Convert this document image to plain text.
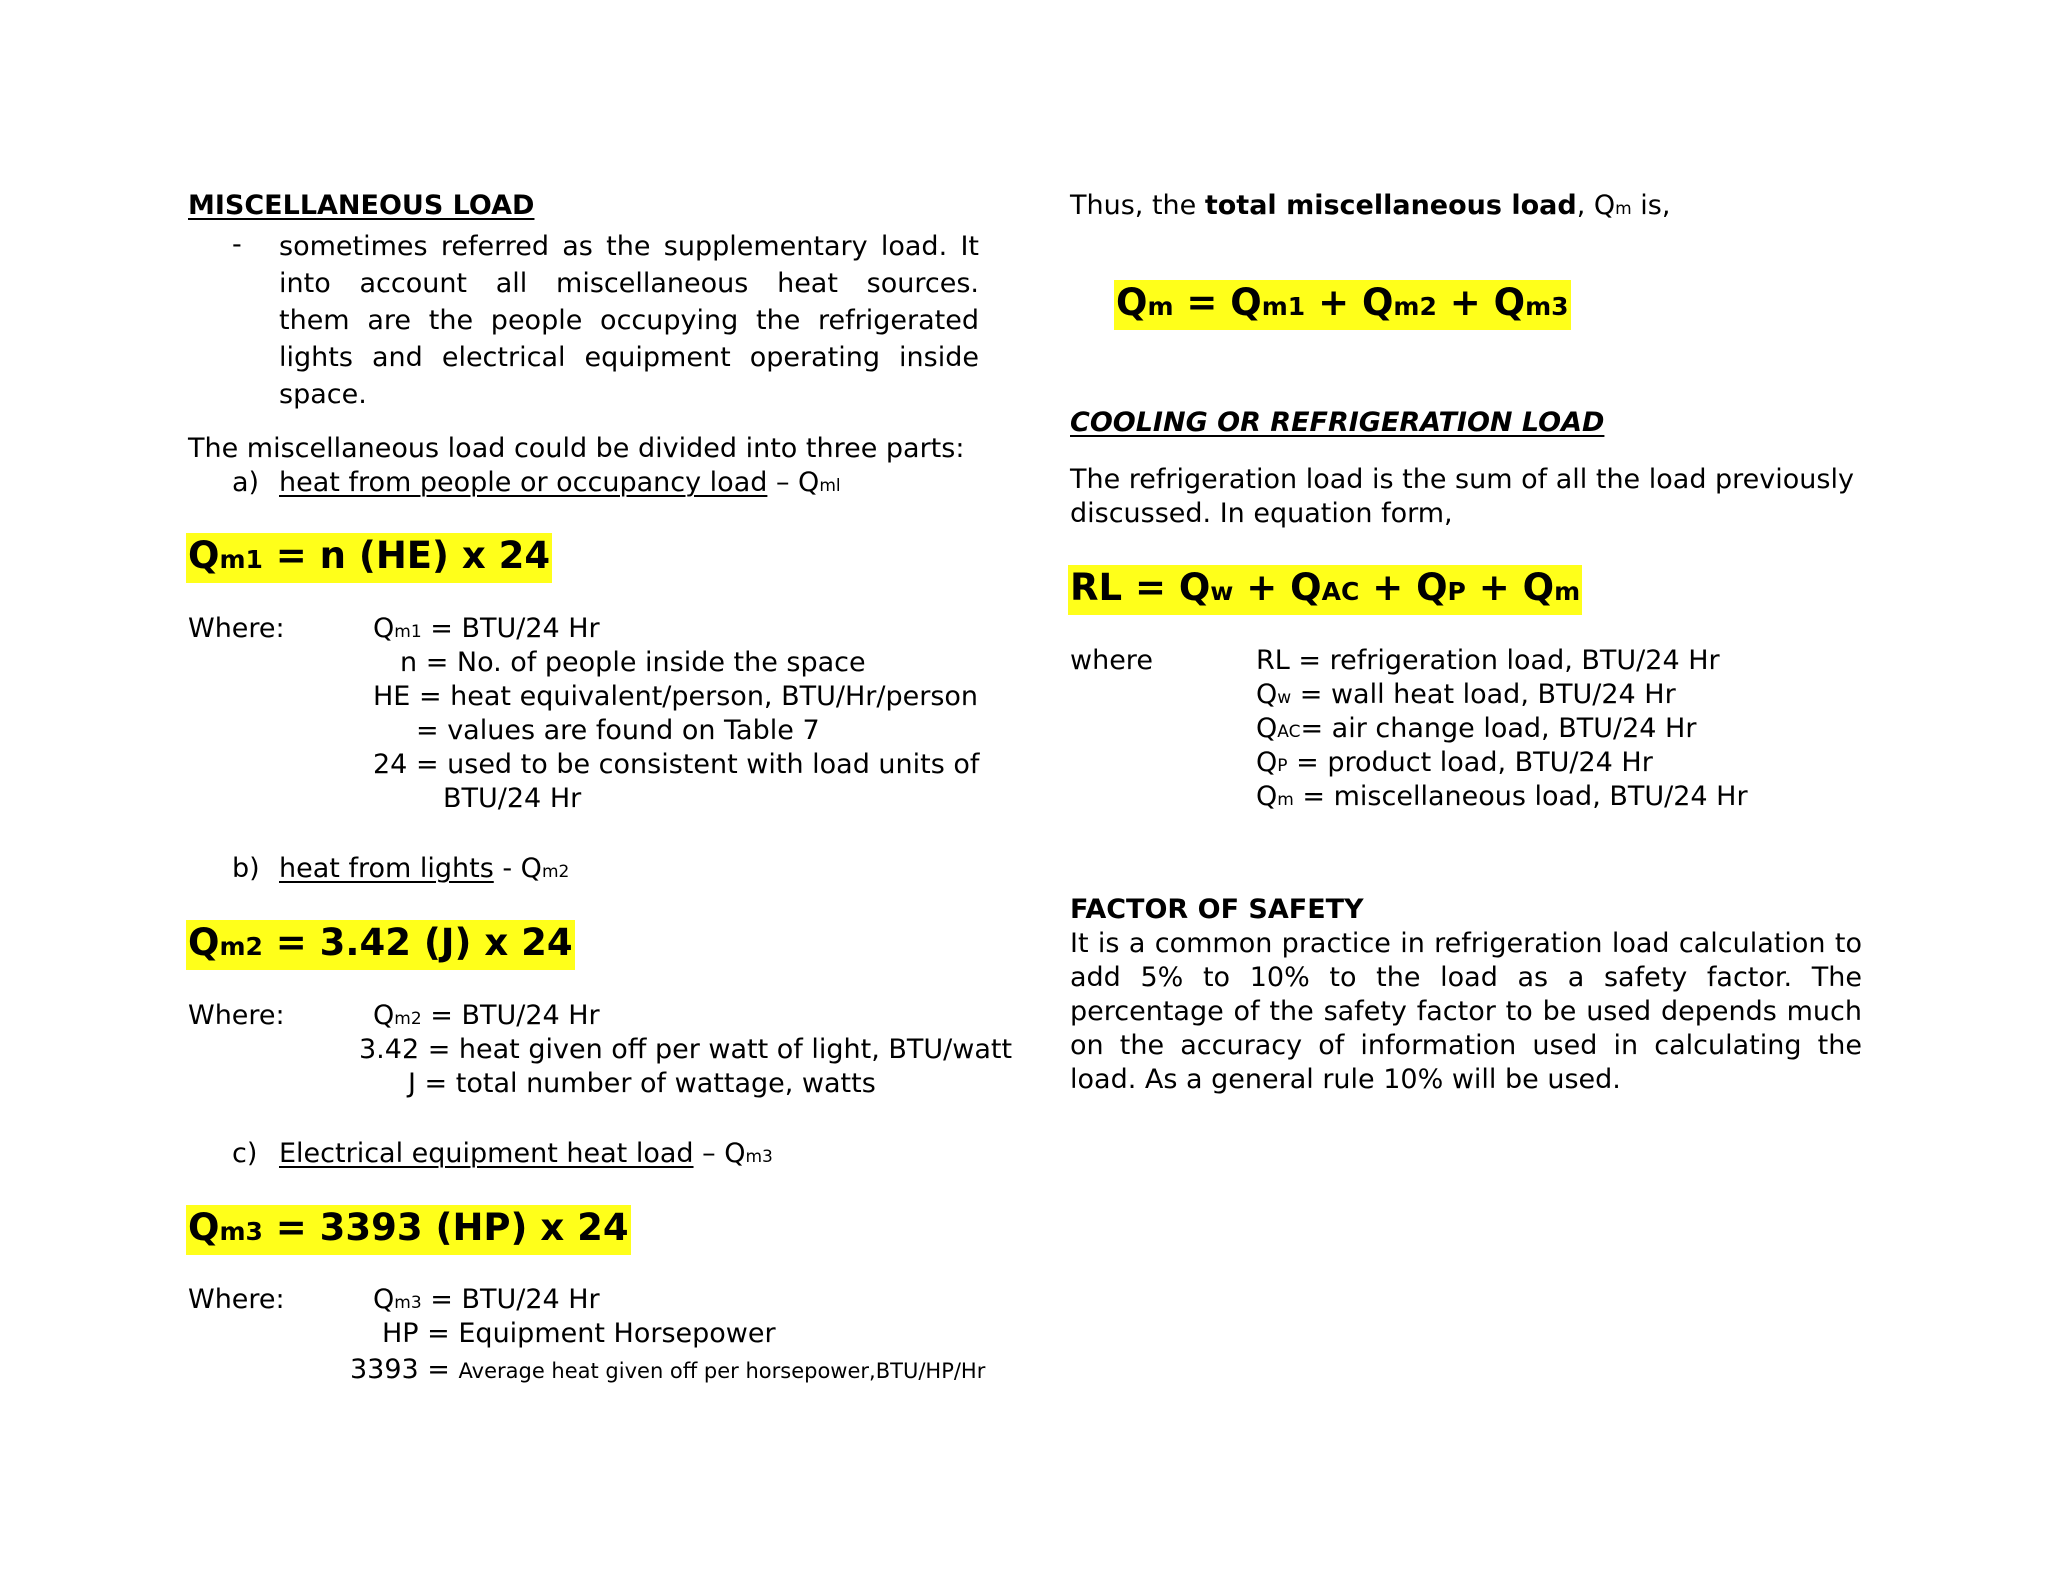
MISCELLANEOUS LOAD
- sometimes referred as the supplementary load. It
into account all miscellaneous heat sources.
them are the people occupying the refrigerated
lights and electrical equipment operating inside
space.
The miscellaneous load could be divided into three parts:
a) heat from people or occupancy load – Qml
Qm1 = n (HE) x 24
Where:	Qm1 = BTU/24 Hr
n = No. of people inside the space
HE = heat equivalent/person, BTU/Hr/person
= values are found on Table 7
24 = used to be consistent with load units of
BTU/24 Hr
b) heat from lights - Qm2
Qm2 = 3.42 (J) x 24
Where:	Qm2 = BTU/24 Hr
3.42 = heat given off per watt of light, BTU/watt
J = total number of wattage, watts
c) Electrical equipment heat load – Qm3
Qm3 = 3393 (HP) x 24
Where:	Qm3 = BTU/24 Hr
HP = Equipment Horsepower
3393 = Average heat given off per horsepower,BTU/HP/Hr
Thus, the total miscellaneous load, Qm is,
Qm = Qm1 + Qm2 + Qm3
COOLING OR REFRIGERATION LOAD
The refrigeration load is the sum of all the load previously
discussed. In equation form,
RL = Qw + QAC + QP + Qm
where	RL = refrigeration load, BTU/24 Hr
Qw = wall heat load, BTU/24 Hr
QAC= air change load, BTU/24 Hr
QP = product load, BTU/24 Hr
Qm = miscellaneous load, BTU/24 Hr
FACTOR OF SAFETY
It is a common practice in refrigeration load calculation to add 5% to 10% to the load as a safety factor. The percentage of the safety factor to be used depends much on the accuracy of information used in calculating the load. As a general rule 10% will be used.
